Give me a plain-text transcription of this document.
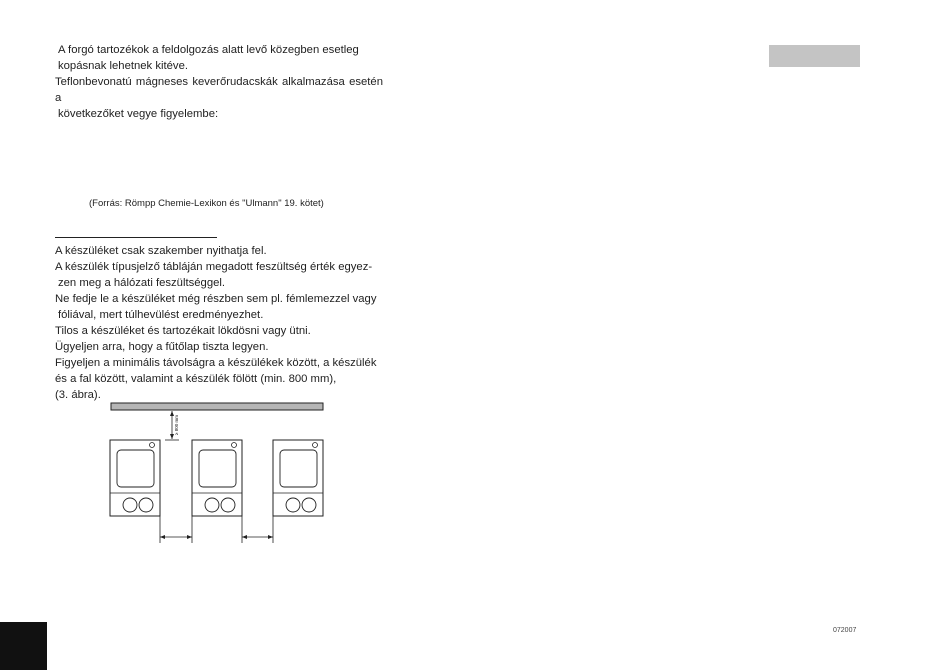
A forgó tartozékok a feldolgozás alatt levő közegben esetleg
kopásnak lehetnek kitéve.
Teflonbevonatú mágneses keverőrudacskák alkalmazása esetén a
következőket vegye figyelembe:

(Forrás: Römpp Chemie-Lexikon és "Ulmann" 19. kötet)

A készüléket csak szakember nyithatja fel.
A készülék típusjelző tábláján megadott feszültség érték egyez-
zen meg a hálózati feszültséggel.
Ne fedje le a készüléket még részben sem pl. fémlemezzel vagy
fóliával, mert túlhevülést eredményezhet.
Tilos a készüléket és tartozékait lökdösni vagy ütni.
Ügyeljen arra, hogy a fűtőlap tiszta legyen.
Figyeljen a minimális távolságra a készülékek között, a készülék
és a fal között, valamint a készülék fölött (min. 800 mm),
(3. ábra).

≥ 800 mm
072007
